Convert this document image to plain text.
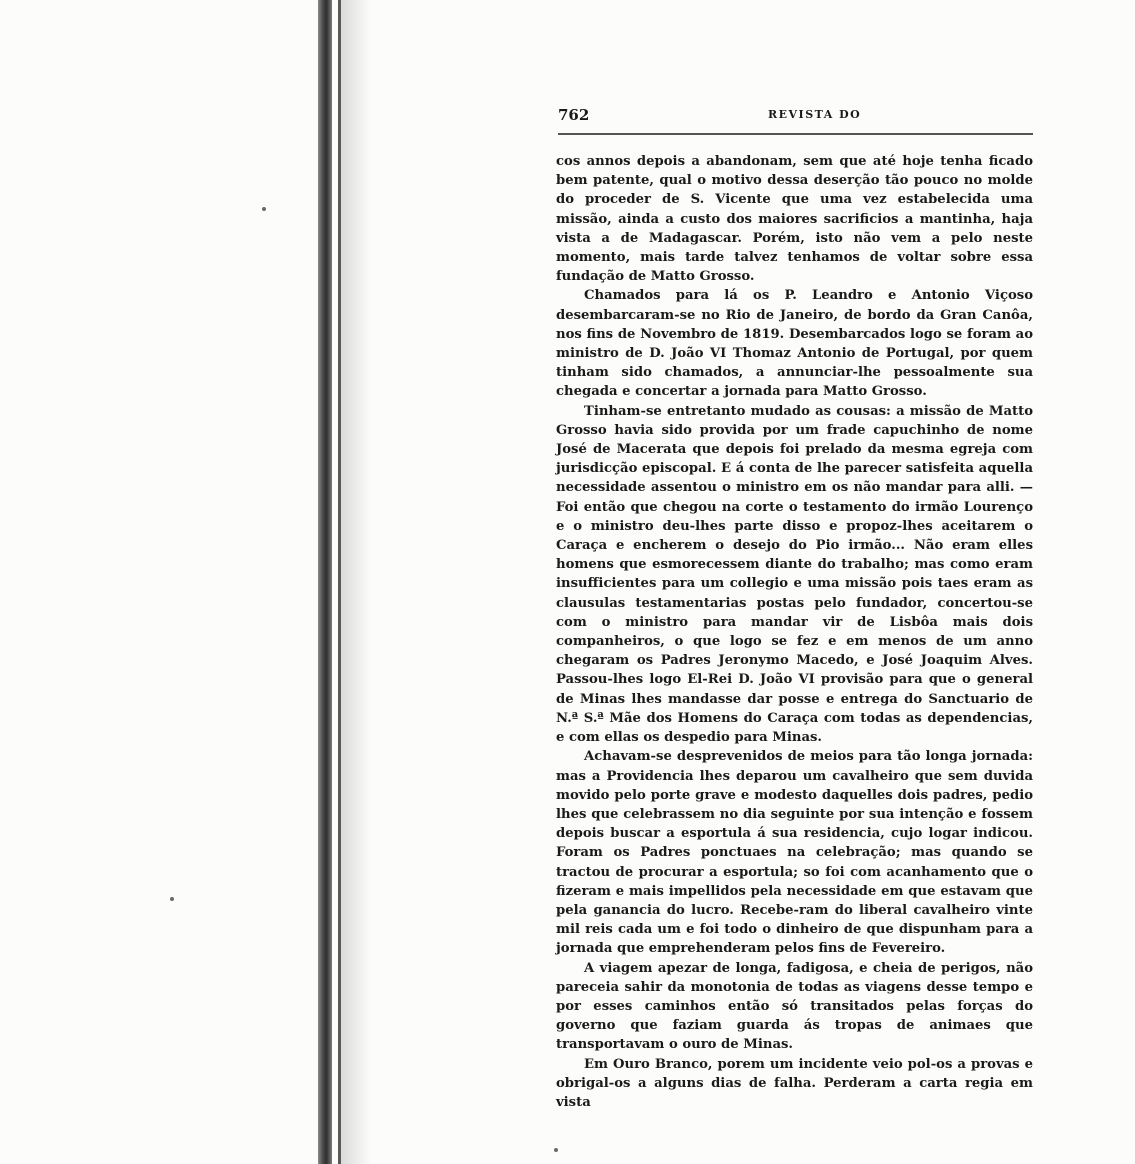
762	REVISTA DO

cos annos depois a abandonam, sem que até hoje tenha ficado bem patente, qual o motivo dessa deserção tão pouco no molde do proceder de S. Vicente que uma vez estabelecida uma missão, ainda a custo dos maiores sacrificios a mantinha, haja vista a de Madagascar. Porém, isto não vem a pelo neste momento, mais tarde talvez tenhamos de voltar sobre essa fundação de Matto Grosso.

Chamados para lá os P. Leandro e Antonio Viçoso desembarcaram-se no Rio de Janeiro, de bordo da Gran Canôa, nos fins de Novembro de 1819. Desembarcados logo se foram ao ministro de D. João VI Thomaz Antonio de Portugal, por quem tinham sido chamados, a annunciar-lhe pessoalmente sua chegada e concertar a jornada para Matto Grosso.

Tinham-se entretanto mudado as cousas: a missão de Matto Grosso havia sido provida por um frade capuchinho de nome José de Macerata que depois foi prelado da mesma egreja com jurisdicção episcopal. E á conta de lhe parecer satisfeita aquella necessidade assentou o ministro em os não mandar para alli. — Foi então que chegou na corte o testamento do irmão Lourenço e o ministro deu-lhes parte disso e propoz-lhes aceitarem o Caraça e encherem o desejo do Pio irmão... Não eram elles homens que esmorecessem diante do trabalho; mas como eram insufficientes para um collegio e uma missão pois taes eram as clausulas testamentarias postas pelo fundador, concertou-se com o ministro para mandar vir de Lisbôa mais dois companheiros, o que logo se fez e em menos de um anno chegaram os Padres Jeronymo Macedo, e José Joaquim Alves. Passou-lhes logo El-Rei D. João VI provisão para que o general de Minas lhes mandasse dar posse e entrega do Sanctuario de N.ª S.ª Mãe dos Homens do Caraça com todas as dependencias, e com ellas os despedio para Minas.

Achavam-se desprevenidos de meios para tão longa jornada: mas a Providencia lhes deparou um cavalheiro que sem duvida movido pelo porte grave e modesto daquelles dois padres, pedio lhes que celebrassem no dia seguinte por sua intenção e fossem depois buscar a esportula á sua residencia, cujo logar indicou. Foram os Padres ponctuaes na celebração; mas quando se tractou de procurar a esportula; so foi com acanhamento que o fizeram e mais impellidos pela necessidade em que estavam que pela ganancia do lucro. Recebe-ram do liberal cavalheiro vinte mil reis cada um e foi todo o dinheiro de que dispunham para a jornada que emprehenderam pelos fins de Fevereiro.

A viagem apezar de longa, fadigosa, e cheia de perigos, não pareceia sahir da monotonia de todas as viagens desse tempo e por esses caminhos então só transitados pelas forças do governo que faziam guarda ás tropas de animaes que transportavam o ouro de Minas.

Em Ouro Branco, porem um incidente veio pol-os a provas e obrigal-os a alguns dias de falha. Perderam a carta regia em vista
